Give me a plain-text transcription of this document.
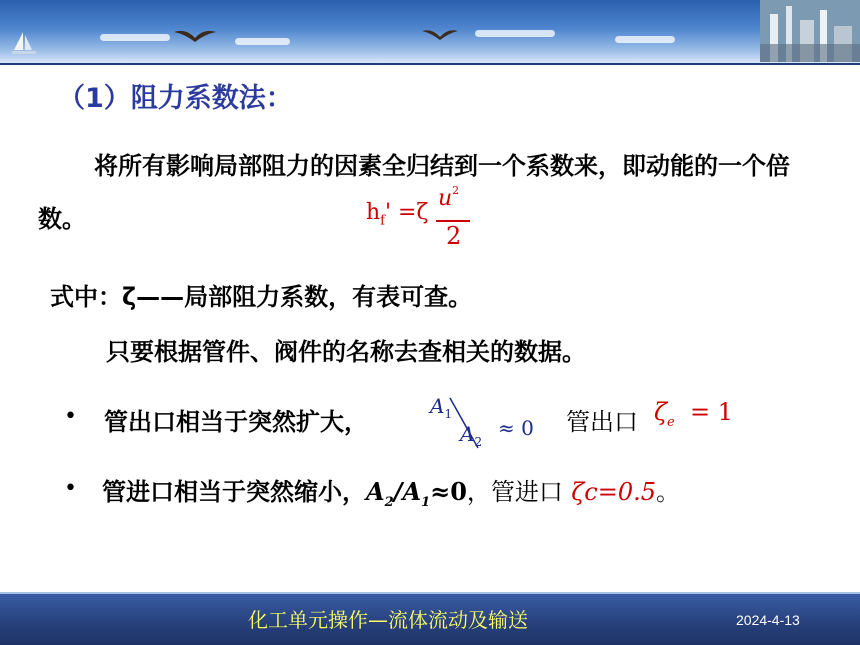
（1）阻力系数法：

将所有影响局部阻力的因素全归结到一个系数来，即动能的一个倍数。	$h_f' =\zeta$
$u^2$
2

式中：ζ——局部阻力系数，有表可查。

只要根据管件、阀件的名称去查相关的数据。

• 管出口相当于突然扩大，

$A_1$
$A_2$
≈ 0 管出口 $\zeta_e = 1$
• 管进口相当于突然缩小，$A_2/A_1\approx 0$，管进口 ζc=0.5。

化工单元操作—流体流动及输送	2024-4-13
